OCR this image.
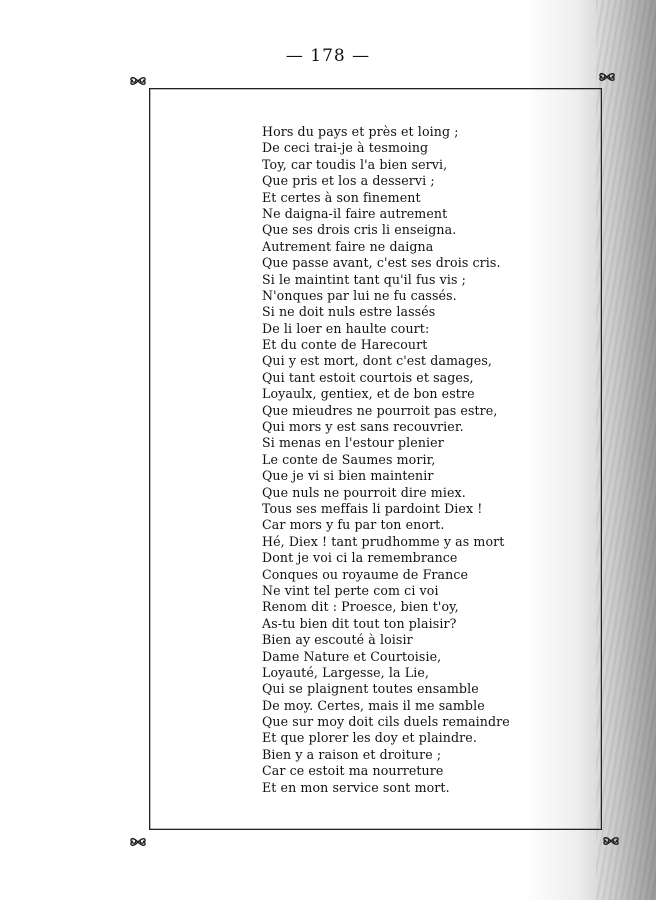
— 178 —
Hors du pays et près et loing ;
De ceci trai-je à tesmoing
Toy, car toudis l'a bien servi,
Que pris et los a desservi ;
Et certes à son finement
Ne daigna-il faire autrement
Que ses drois cris li enseigna.
Autrement faire ne daigna
Que passe avant, c'est ses drois cris.
Si le maintint tant qu'il fus vis ;
N'onques par lui ne fu cassés.
Si ne doit nuls estre lassés
De li loer en haulte court:
Et du conte de Harecourt
Qui y est mort, dont c'est damages,
Qui tant estoit courtois et sages,
Loyaulx, gentiex, et de bon estre
Que mieudres ne pourroit pas estre,
Qui mors y est sans recouvrier.
Si menas en l'estour plenier
Le conte de Saumes morir,
Que je vi si bien maintenir
Que nuls ne pourroit dire miex.
Tous ses meffais li pardoint Diex !
Car mors y fu par ton enort.
Hé, Diex ! tant prudhomme y as mort
Dont je voi ci la remembrance
Conques ou royaume de France
Ne vint tel perte com ci voi
Renom dit : Proesce, bien t'oy,
As-tu bien dit tout ton plaisir?
Bien ay escouté à loisir
Dame Nature et Courtoisie,
Loyauté, Largesse, la Lie,
Qui se plaignent toutes ensamble
De moy. Certes, mais il me samble
Que sur moy doit cils duels remaindre
Et que plorer les doy et plaindre.
Bien y a raison et droiture ;
Car ce estoit ma nourreture
Et en mon service sont mort.
